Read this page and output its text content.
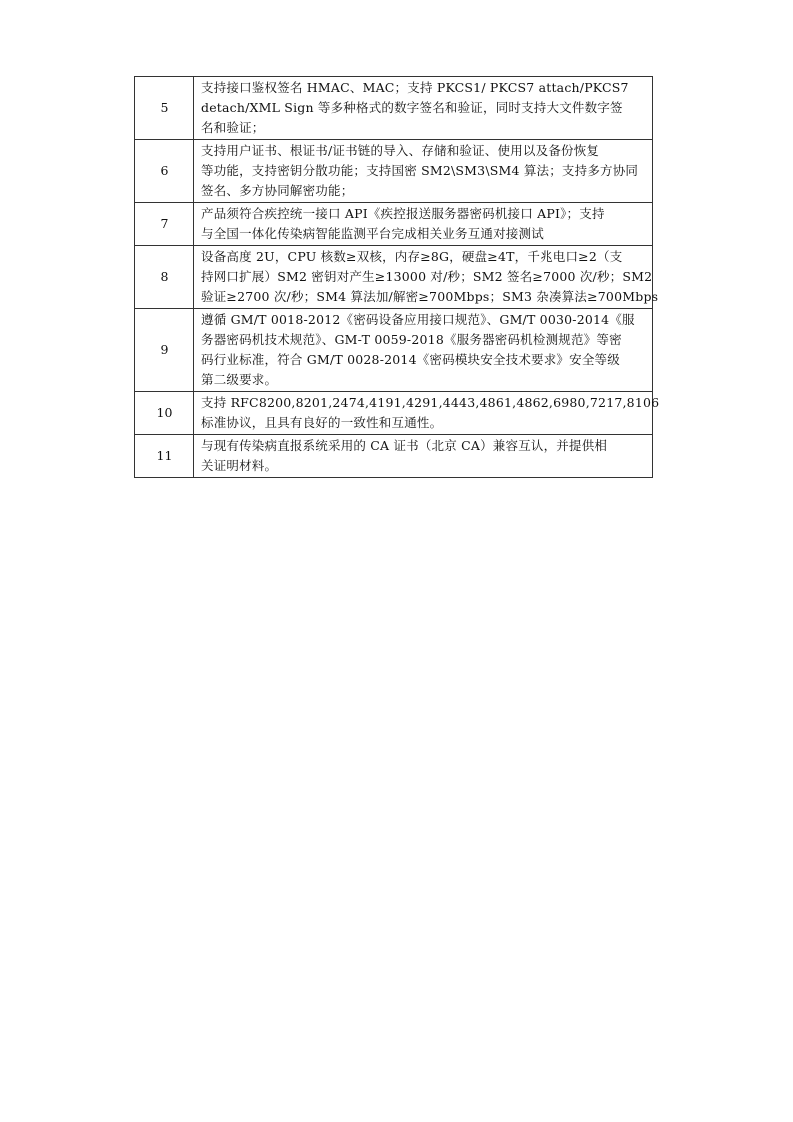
5	支持接口鉴权签名 HMAC、MAC；支持 PKCS1/ PKCS7 attach/PKCS7
detach/XML Sign 等多种格式的数字签名和验证，同时支持大文件数字签
名和验证；

6	支持用户证书、根证书/证书链的导入、存储和验证、使用以及备份恢复
等功能，支持密钥分散功能；支持国密 SM2\SM3\SM4 算法；支持多方协同
签名、多方协同解密功能；

7	产品须符合疾控统一接口 API《疾控报送服务器密码机接口 API》；支持
与全国一体化传染病智能监测平台完成相关业务互通对接测试

8	设备高度 2U，CPU 核数≥双核，内存≥8G，硬盘≥4T，千兆电口≥2（支
持网口扩展）SM2 密钥对产生≥13000 对/秒；SM2 签名≥7000 次/秒；SM2
验证≥2700 次/秒；SM4 算法加/解密≥700Mbps；SM3 杂凑算法≥700Mbps

9	遵循 GM/T 0018-2012《密码设备应用接口规范》、GM/T 0030-2014《服
务器密码机技术规范》、GM-T 0059-2018《服务器密码机检测规范》等密
码行业标准，符合 GM/T 0028-2014《密码模块安全技术要求》安全等级
第二级要求。

10	支持 RFC8200,8201,2474,4191,4291,4443,4861,4862,6980,7217,8106
标准协议，且具有良好的一致性和互通性。

11	与现有传染病直报系统采用的 CA 证书（北京 CA）兼容互认，并提供相
关证明材料。
